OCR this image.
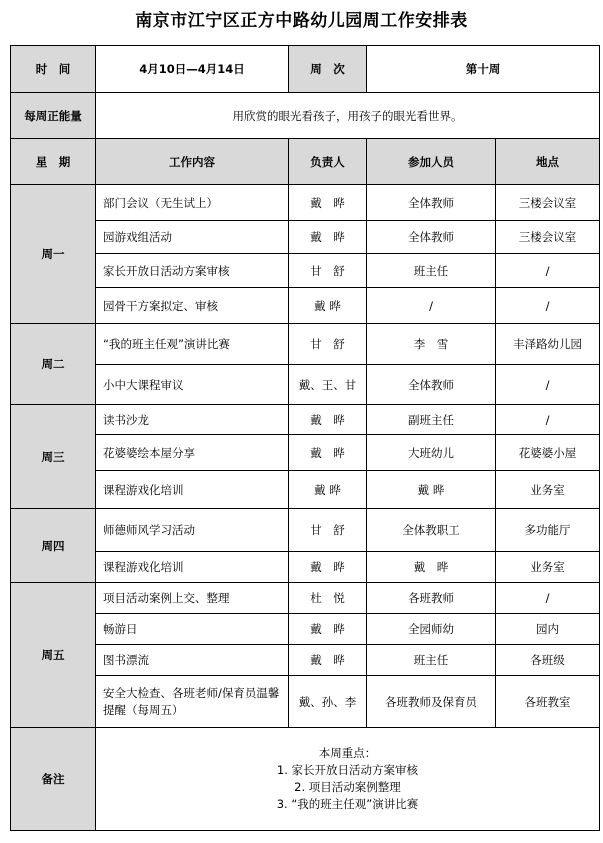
南京市江宁区正方中路幼儿园周工作安排表
时　间	4月10日—4月14日	周　次	第十周	
每周正能量	用欣赏的眼光看孩子，用孩子的眼光看世界。			
星　期	工作内容	负责人	参加人员	地点
周一	部门会议（无生试上）	戴　晔	全体教师	三楼会议室
	园游戏组活动	戴　晔	全体教师	三楼会议室
	家长开放日活动方案审核	甘　舒	班主任	/
	园骨干方案拟定、审核	戴 晔	/	/
周二	“我的班主任观”演讲比赛	甘　舒	李　雪	丰泽路幼儿园
	小中大课程审议	戴、王、甘	全体教师	/
周三	读书沙龙	戴　晔	副班主任	/
	花婆婆绘本屋分享	戴　晔	大班幼儿	花婆婆小屋
	课程游戏化培训	戴 晔	戴 晔	业务室
周四	师德师风学习活动	甘　舒	全体教职工	多功能厅
	课程游戏化培训	戴　晔	戴　晔	业务室
周五	项目活动案例上交、整理	杜　悦	各班教师	/
	畅游日	戴　晔	全园师幼	园内
	图书漂流	戴　晔	班主任	各班级
	安全大检查、各班老师/保育员温馨提醒（每周五）	戴、孙、李	各班教师及保育员	各班教室
备注	本周重点：
1. 家长开放日活动方案审核
2. 项目活动案例整理
3. “我的班主任观”演讲比赛			
